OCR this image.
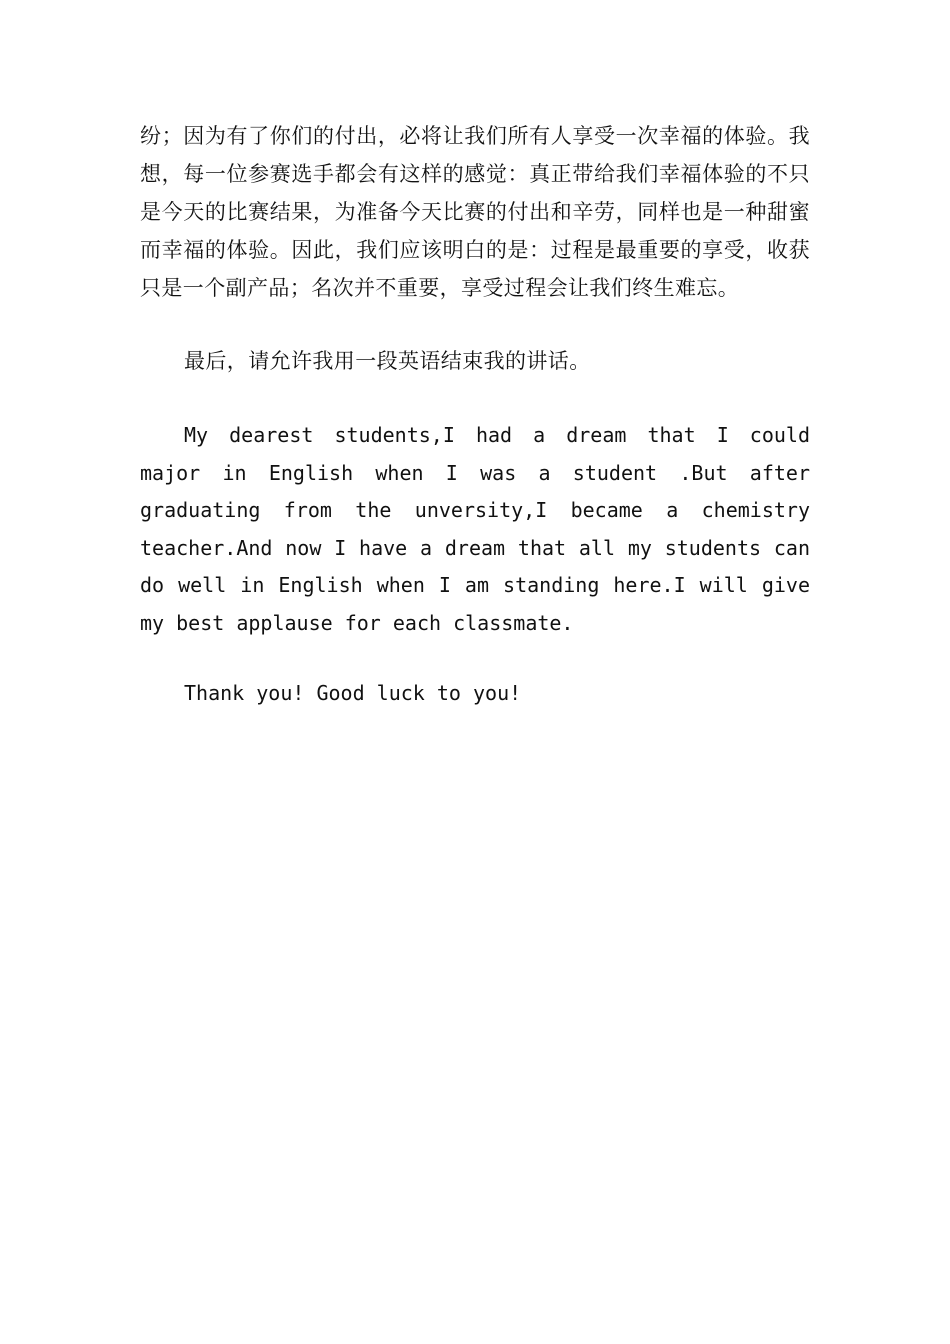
纷；因为有了你们的付出，必将让我们所有人享受一次幸福的体验。我想，每一位参赛选手都会有这样的感觉：真正带给我们幸福体验的不只是今天的比赛结果，为准备今天比赛的付出和辛劳，同样也是一种甜蜜而幸福的体验。因此，我们应该明白的是：过程是最重要的享受，收获只是一个副产品；名次并不重要，享受过程会让我们终生难忘。

最后，请允许我用一段英语结束我的讲话。

My dearest students,I had a dream that I could major in English when I was a student .But after graduating from the unversity,I became a chemistry teacher.And now I have a dream that all my students can do well in English when I am standing here.I will give my best applause for each classmate.

Thank you! Good luck to you!
